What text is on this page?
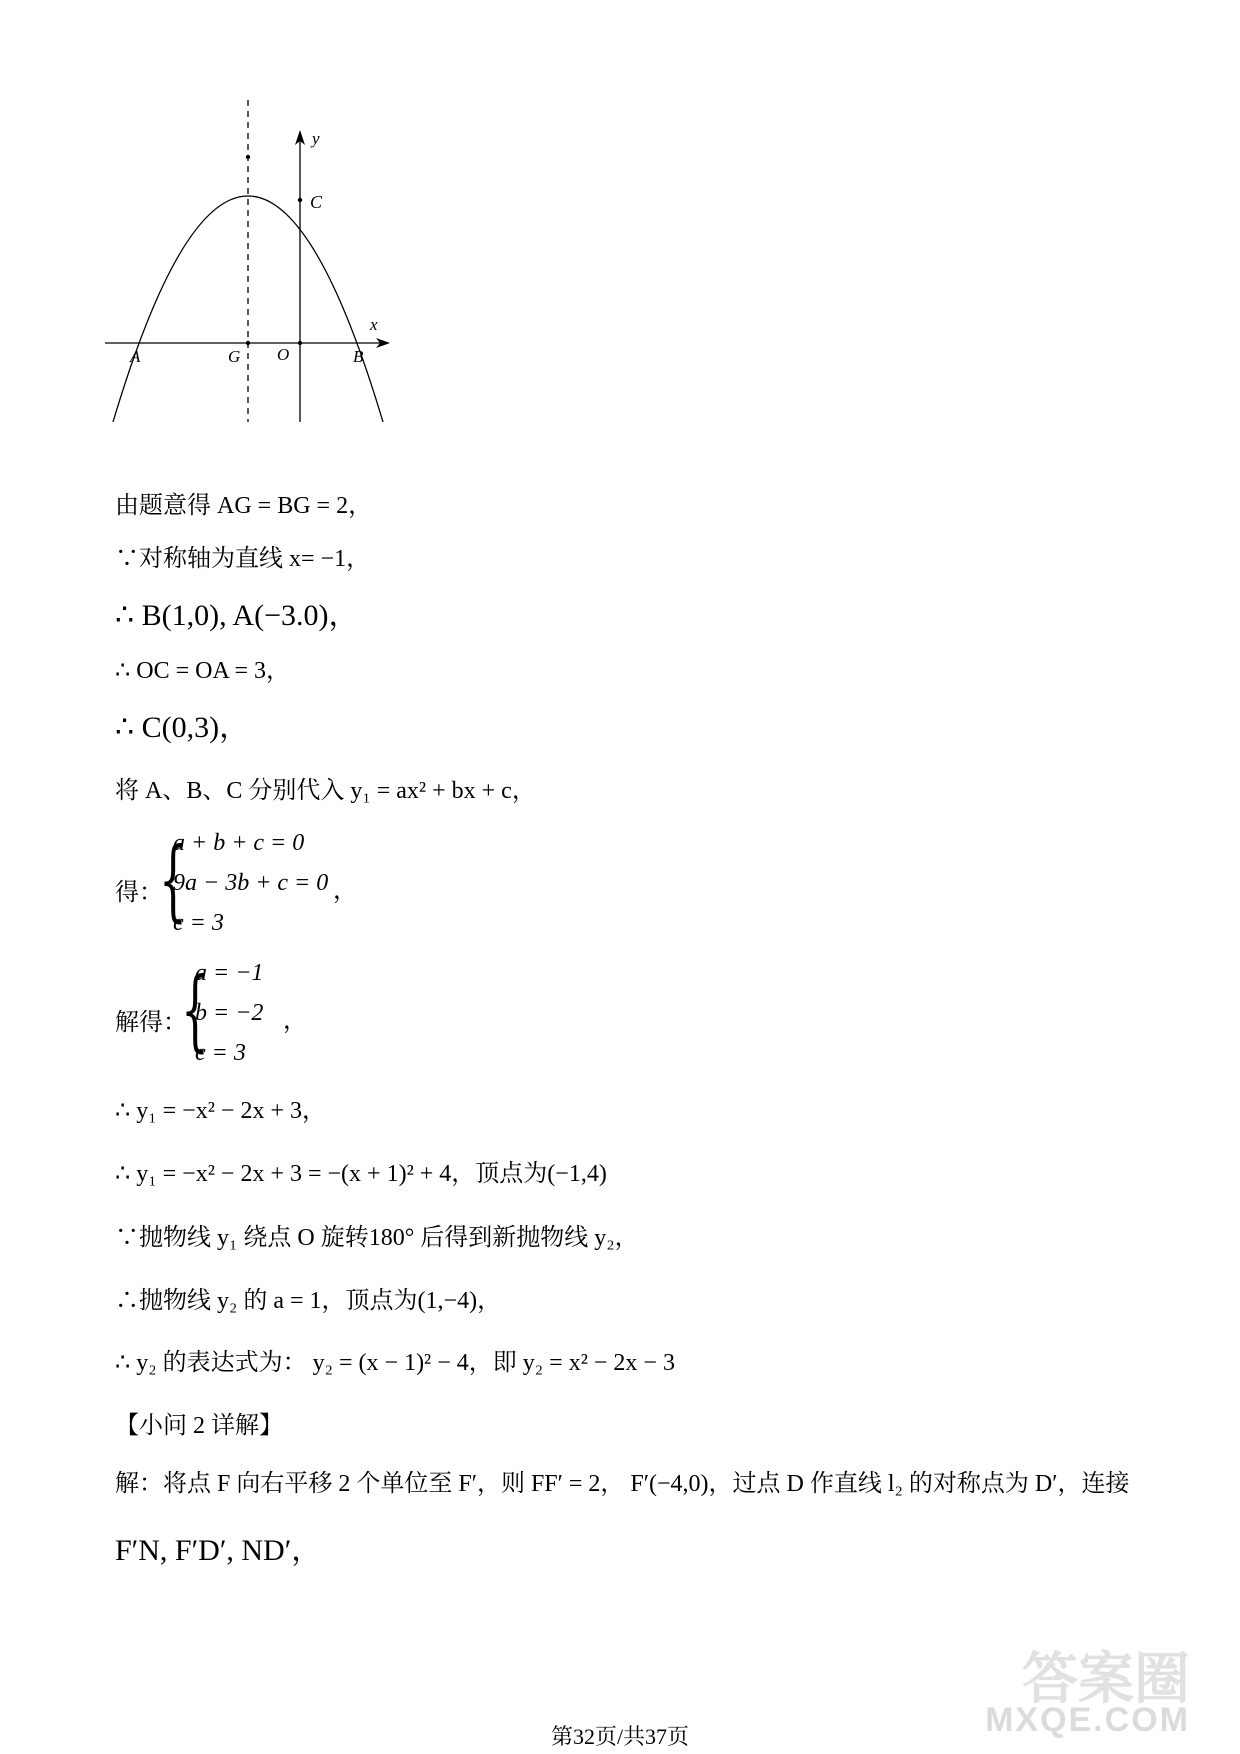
y
x
C
A	G O	B
由题意得 AG = BG = 2，
∵对称轴为直线 x= −1，
∴ B(1,0), A(−3.0)，
∴ OC = OA = 3，
∴ C(0,3)，
将 A、B、C 分别代入 y₁ = ax² + bx + c，
得：
{
a + b + c = 0
9a − 3b + c = 0 ，
c = 3
解得：
{
a = −1
b = −2 ，
c = 3
∴ y₁ = −x² − 2x + 3，
∴ y₁ = −x² − 2x + 3 = −(x + 1)² + 4，顶点为(−1,4)
∵抛物线 y₁ 绕点 O 旋转180° 后得到新抛物线 y₂，
∴抛物线 y₂ 的 a = 1，顶点为(1,−4)，
∴ y₂ 的表达式为： y₂ = (x − 1)² − 4，即 y₂ = x² − 2x − 3
【小问 2 详解】
解：将点 F 向右平移 2 个单位至 F′，则 FF′ = 2， F′(−4,0)，过点 D 作直线 l₂ 的对称点为 D′，连接
F′N, F′D′, ND′，
答案圈
MXQE.COM
第32页/共37页
